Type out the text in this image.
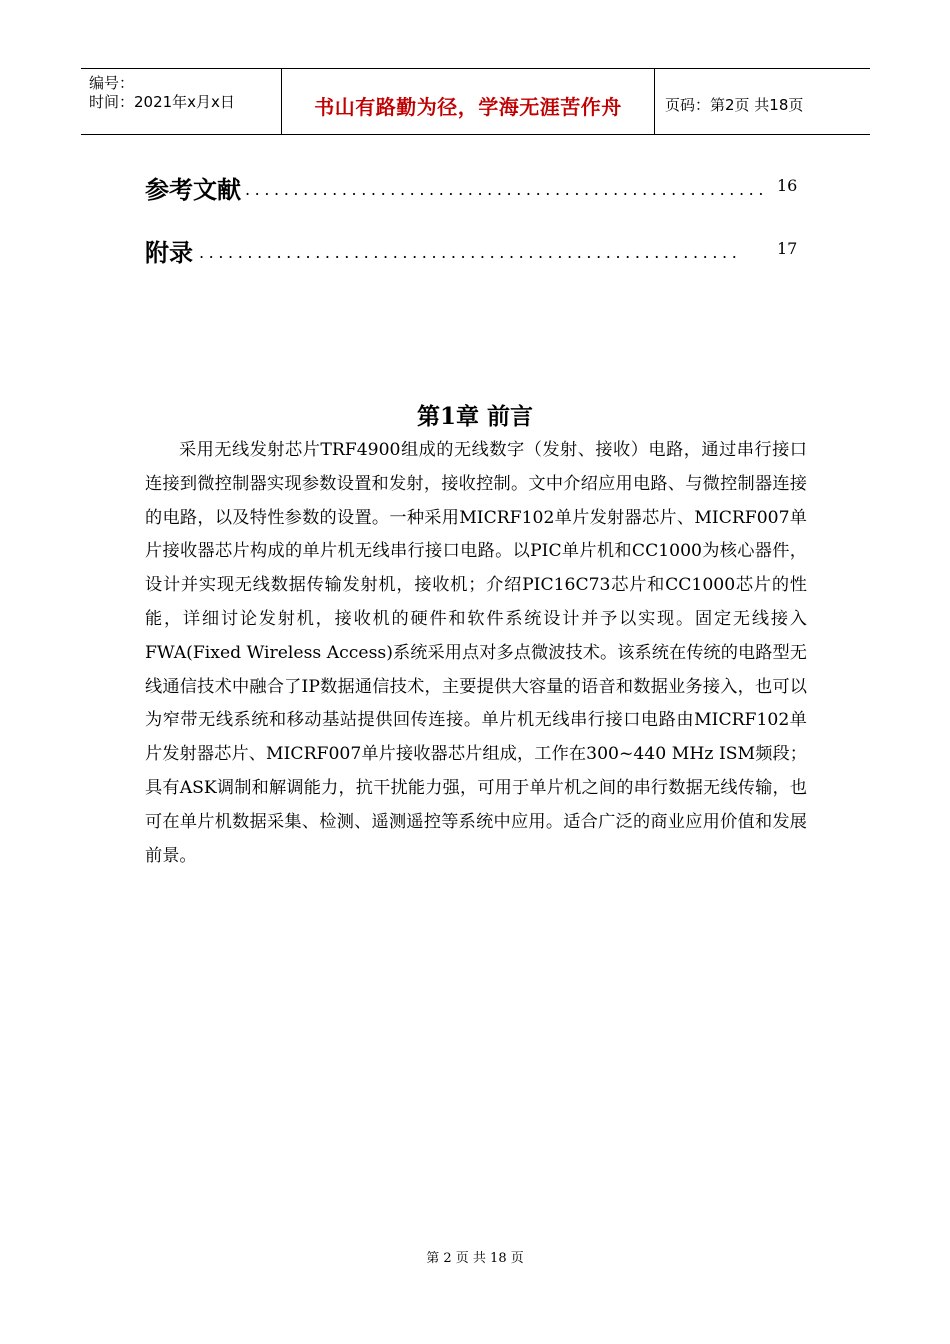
编号：
时间：2021年x月x日	书山有路勤为径，学海无涯苦作舟	页码：第2页 共18页
......................................................
参考文献	16
........................................................
附录	17
第1章 前言

采用无线发射芯片TRF4900组成的无线数字（发射、接收）电路，通过串行接口连接到微控制器实现参数设置和发射，接收控制。文中介绍应用电路、与微控制器连接的电路，以及特性参数的设置。一种采用MICRF102单片发射器芯片、MICRF007单片接收器芯片构成的单片机无线串行接口电路。以PIC单片机和CC1000为核心器件，设计并实现无线数据传输发射机，接收机；介绍PIC16C73芯片和CC1000芯片的性能，详细讨论发射机，接收机的硬件和软件系统设计并予以实现。固定无线接入FWA(Fixed Wireless Access)系统采用点对多点微波技术。该系统在传统的电路型无线通信技术中融合了IP数据通信技术，主要提供大容量的语音和数据业务接入，也可以为窄带无线系统和移动基站提供回传连接。单片机无线串行接口电路由MICRF102单片发射器芯片、MICRF007单片接收器芯片组成，工作在300~440 MHz ISM频段；具有ASK调制和解调能力，抗干扰能力强，可用于单片机之间的串行数据无线传输，也可在单片机数据采集、检测、遥测遥控等系统中应用。适合广泛的商业应用价值和发展前景。

第 2 页 共 18 页
